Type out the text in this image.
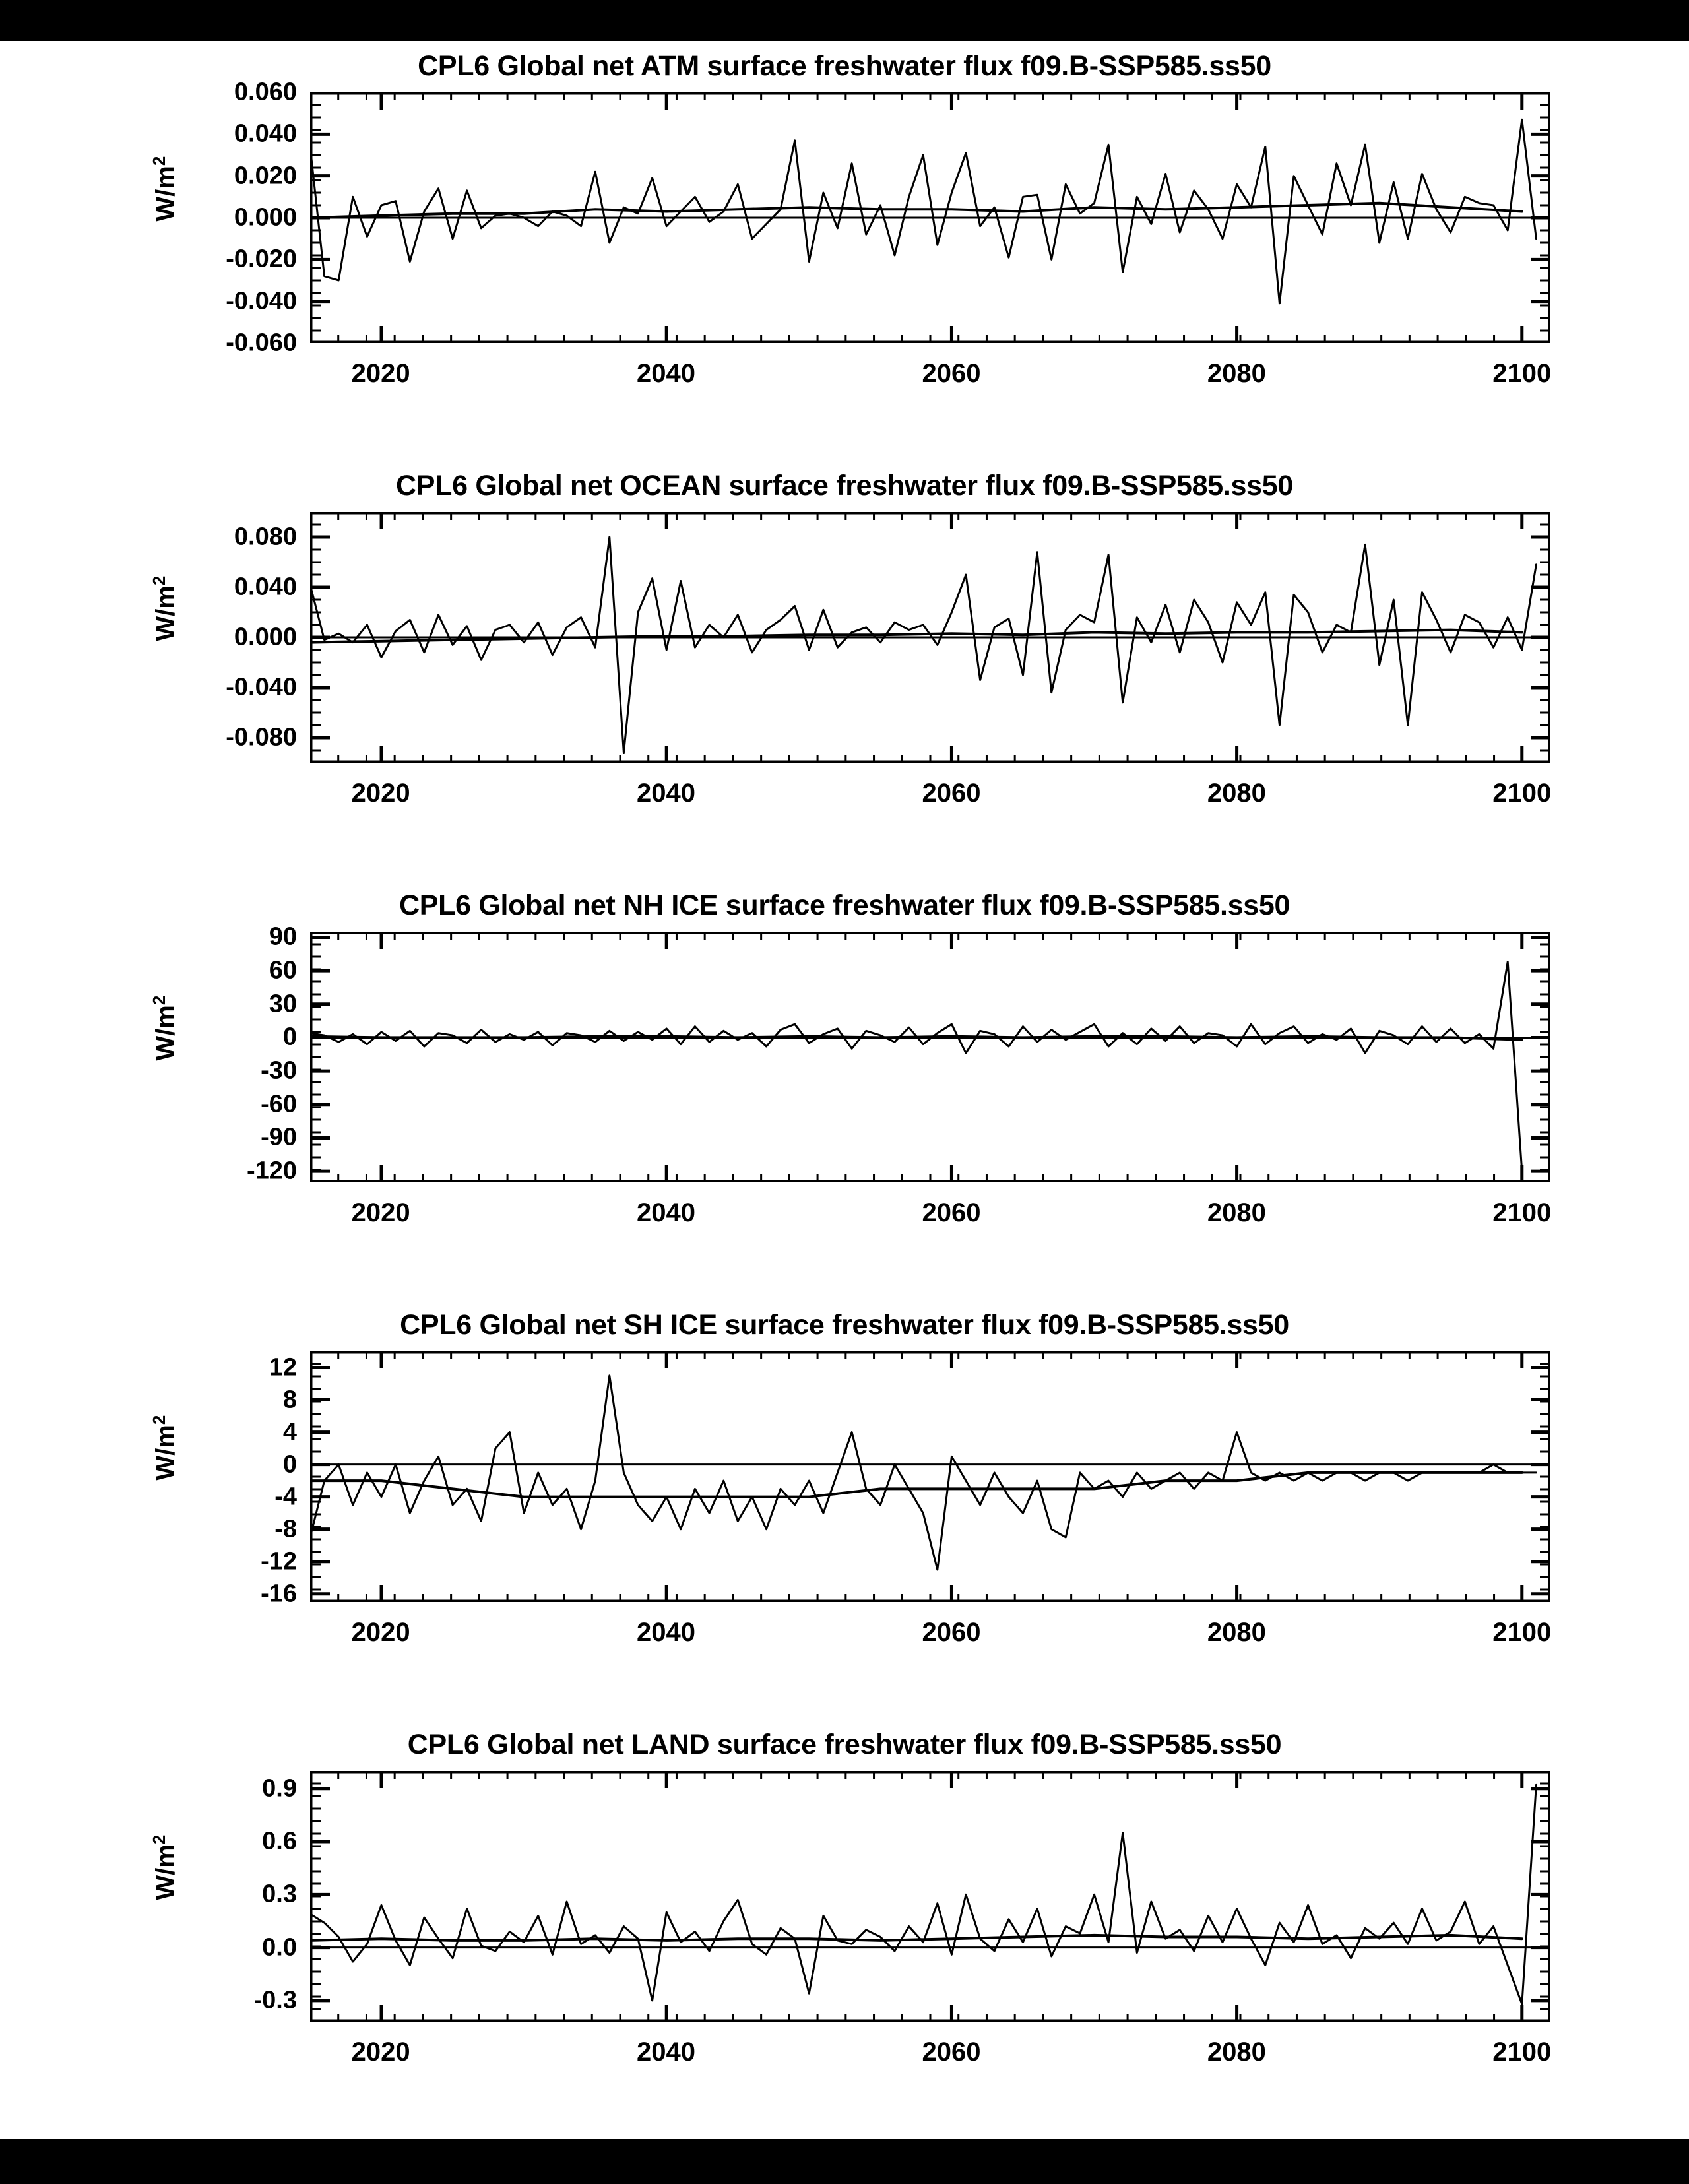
CPL6 Global net ATM surface freshwater flux f09.B-SSP585.ss50
$W/m^2$
0.060
0.040
0.020
0.000
-0.020
-0.040
-0.060
2020	2040	2060	2080	2100
CPL6 Global net OCEAN surface freshwater flux f09.B-SSP585.ss50
$W/m^2$
0.080
0.040
0.000
-0.040
-0.080
2020	2040	2060	2080	2100
CPL6 Global net NH ICE surface freshwater flux f09.B-SSP585.ss50
$W/m^2$
90
60
30
0
-30
-60
-90
-120
2020	2040	2060	2080	2100
CPL6 Global net SH ICE surface freshwater flux f09.B-SSP585.ss50
$W/m^2$
12
8
4
0
-4
-8
-12
-16
2020	2040	2060	2080	2100
CPL6 Global net LAND surface freshwater flux f09.B-SSP585.ss50
$W/m^2$
0.9
0.6
0.3
0.0
-0.3
2020	2040	2060	2080	2100
